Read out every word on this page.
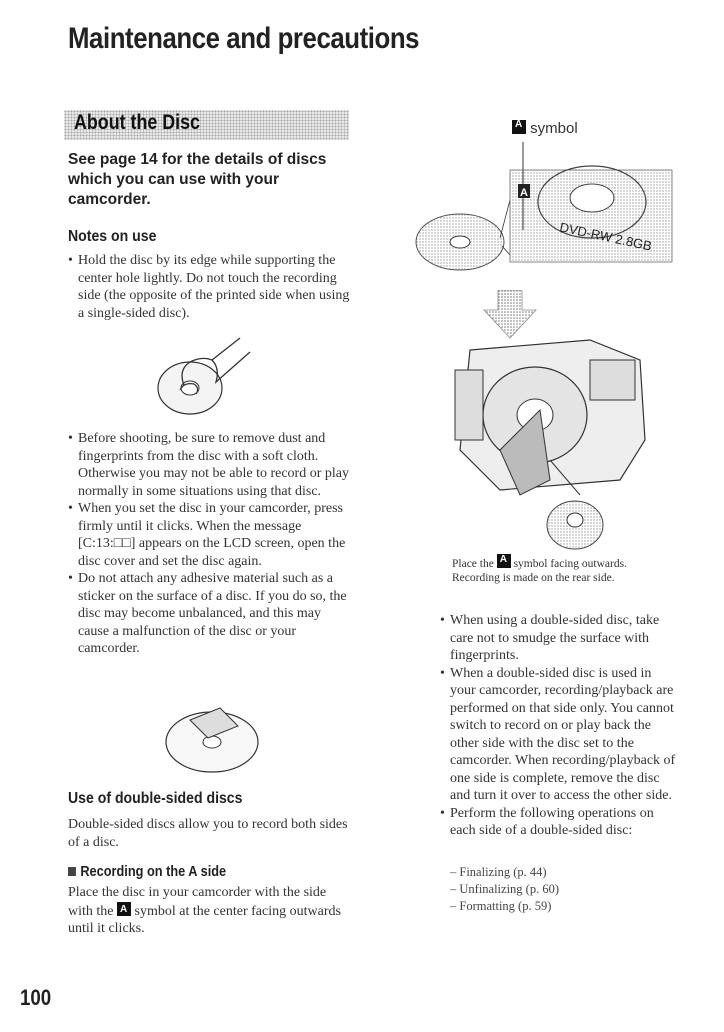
Maintenance and precautions
About the Disc
See page 14 for the details of discs which you can use with your camcorder.
Notes on use
• Hold the disc by its edge while supporting the center hole lightly. Do not touch the recording side (the opposite of the printed side when using a single-sided disc).
• Before shooting, be sure to remove dust and fingerprints from the disc with a soft cloth. Otherwise you may not be able to record or play normally in some situations using that disc.
• When you set the disc in your camcorder, press firmly until it clicks. When the message [C:13:□□] appears on the LCD screen, open the disc cover and set the disc again.
• Do not attach any adhesive material such as a sticker on the surface of a disc. If you do so, the disc may become unbalanced, and this may cause a malfunction of the disc or your camcorder.
Use of double-sided discs
Double-sided discs allow you to record both sides of a disc.
Recording on the A side
Place the disc in your camcorder with the side with the A symbol at the center facing outwards until it clicks.
A symbol
DVD-RW 2.8GB
A
Place the A symbol facing outwards.
Recording is made on the rear side.
• When using a double-sided disc, take care not to smudge the surface with fingerprints.
• When a double-sided disc is used in your camcorder, recording/playback are performed on that side only. You cannot switch to record on or play back the other side with the disc set to the camcorder. When recording/playback of one side is complete, remove the disc and turn it over to access the other side.
• Perform the following operations on each side of a double-sided disc:
– Finalizing (p. 44)
– Unfinalizing (p. 60)
– Formatting (p. 59)
100
